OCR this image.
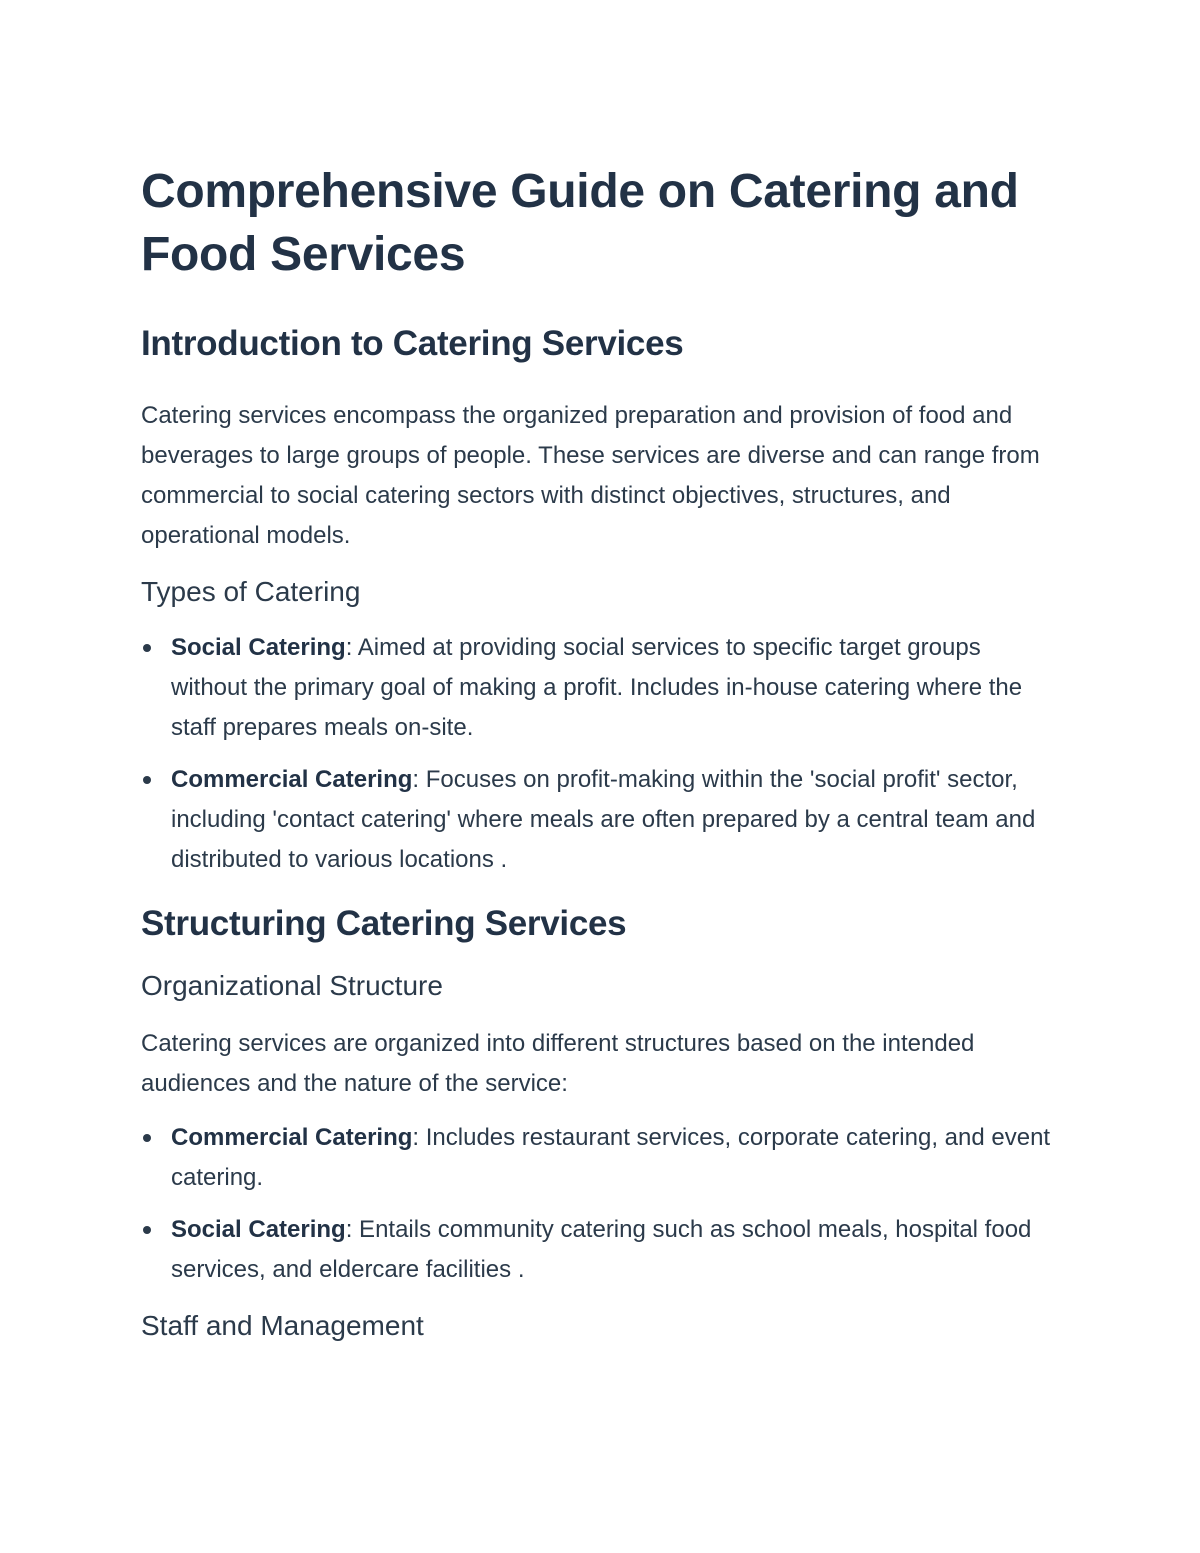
Comprehensive Guide on Catering and Food Services
Introduction to Catering Services

Catering services encompass the organized preparation and provision of food and beverages to large groups of people. These services are diverse and can range from commercial to social catering sectors with distinct objectives, structures, and operational models.

Types of Catering
Social Catering: Aimed at providing social services to specific target groups without the primary goal of making a profit. Includes in-house catering where the staff prepares meals on-site.
Commercial Catering: Focuses on profit-making within the 'social profit' sector, including 'contact catering' where meals are often prepared by a central team and distributed to various locations .
Structuring Catering Services
Organizational Structure

Catering services are organized into different structures based on the intended audiences and the nature of the service:

Commercial Catering: Includes restaurant services, corporate catering, and event catering.
Social Catering: Entails community catering such as school meals, hospital food services, and eldercare facilities .
Staff and Management
